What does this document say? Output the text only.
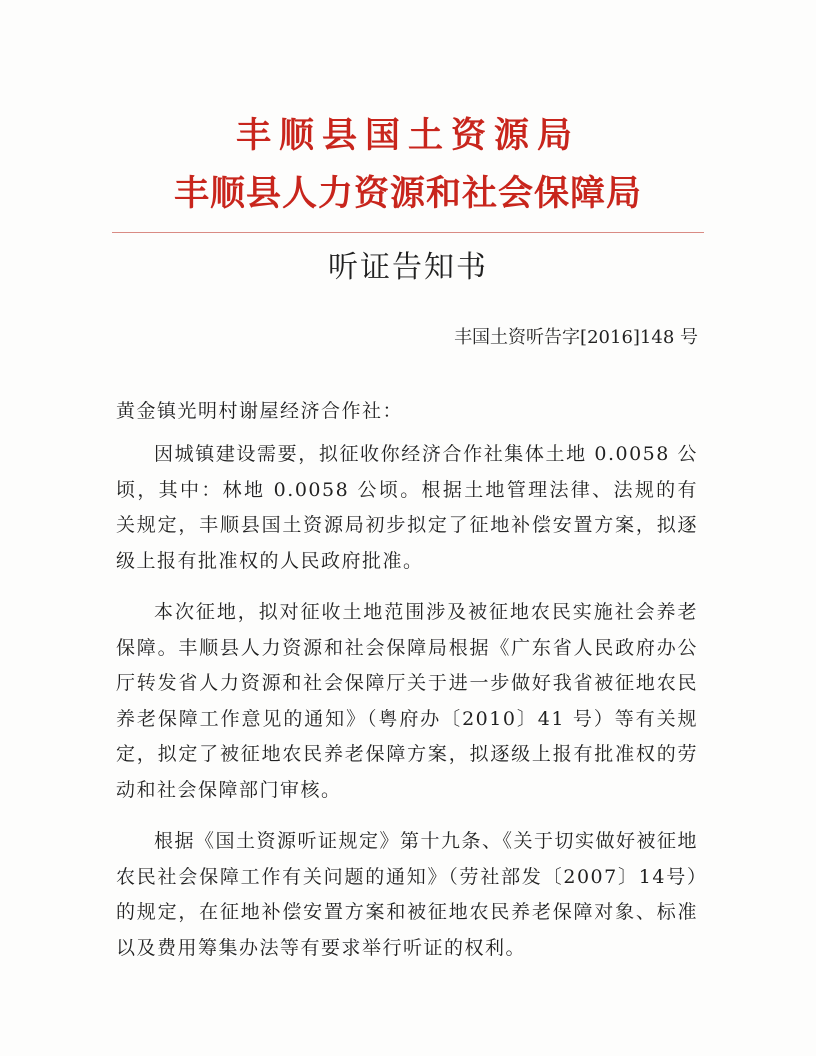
丰顺县国土资源局
丰顺县人力资源和社会保障局
听证告知书
丰国土资听告字[2016]148 号
黄金镇光明村谢屋经济合作社：

因城镇建设需要，拟征收你经济合作社集体土地 0.0058 公顷，其中：林地 0.0058 公顷。根据土地管理法律、法规的有关规定，丰顺县国土资源局初步拟定了征地补偿安置方案，拟逐级上报有批准权的人民政府批准。

本次征地，拟对征收土地范围涉及被征地农民实施社会养老保障。丰顺县人力资源和社会保障局根据《广东省人民政府办公厅转发省人力资源和社会保障厅关于进一步做好我省被征地农民养老保障工作意见的通知》（粤府办〔2010〕41 号）等有关规定，拟定了被征地农民养老保障方案，拟逐级上报有批准权的劳动和社会保障部门审核。

根据《国土资源听证规定》第十九条、《关于切实做好被征地农民社会保障工作有关问题的通知》（劳社部发〔2007〕14号）的规定，在征地补偿安置方案和被征地农民养老保障对象、标准以及费用筹集办法等有要求举行听证的权利。
